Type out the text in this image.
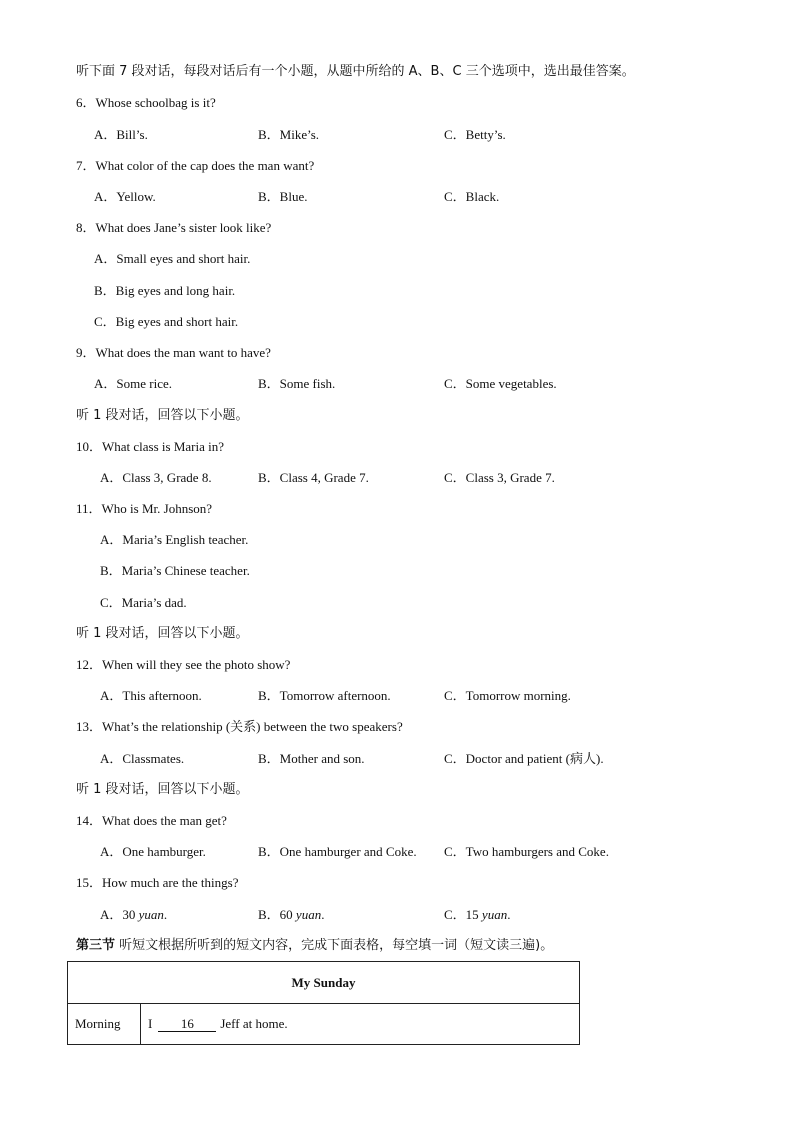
听下面 7 段对话，每段对话后有一个小题，从题中所给的 A、B、C 三个选项中，选出最佳答案。
6．Whose schoolbag is it?
A．Bill’s.	B．Mike’s.	C．Betty’s.
7．What color of the cap does the man want?
A．Yellow.	B．Blue.	C．Black.
8．What does Jane’s sister look like?
A．Small eyes and short hair.
B．Big eyes and long hair.
C．Big eyes and short hair.
9．What does the man want to have?
A．Some rice.	B．Some fish.	C．Some vegetables.
听 1 段对话，回答以下小题。
10．What class is Maria in?
A．Class 3, Grade 8.	B．Class 4, Grade 7.	C．Class 3, Grade 7.
11．Who is Mr. Johnson?
A．Maria’s English teacher.
B．Maria’s Chinese teacher.
C．Maria’s dad.
听 1 段对话，回答以下小题。
12．When will they see the photo show?
A．This afternoon.	B．Tomorrow afternoon.	C．Tomorrow morning.
13．What’s the relationship (关系) between the two speakers?
A．Classmates.	B．Mother and son.	C．Doctor and patient (病人).
听 1 段对话，回答以下小题。
14．What does the man get?
A．One hamburger.	B．One hamburger and Coke. C．Two hamburgers and Coke.
15．How much are the things?
A．30 yuan.	B．60 yuan.	C．15 yuan.
第三节 听短文根据所听到的短文内容，完成下面表格，每空填一词（短文读三遍)。
My Sunday
Morning	I 16 Jeff at home.
